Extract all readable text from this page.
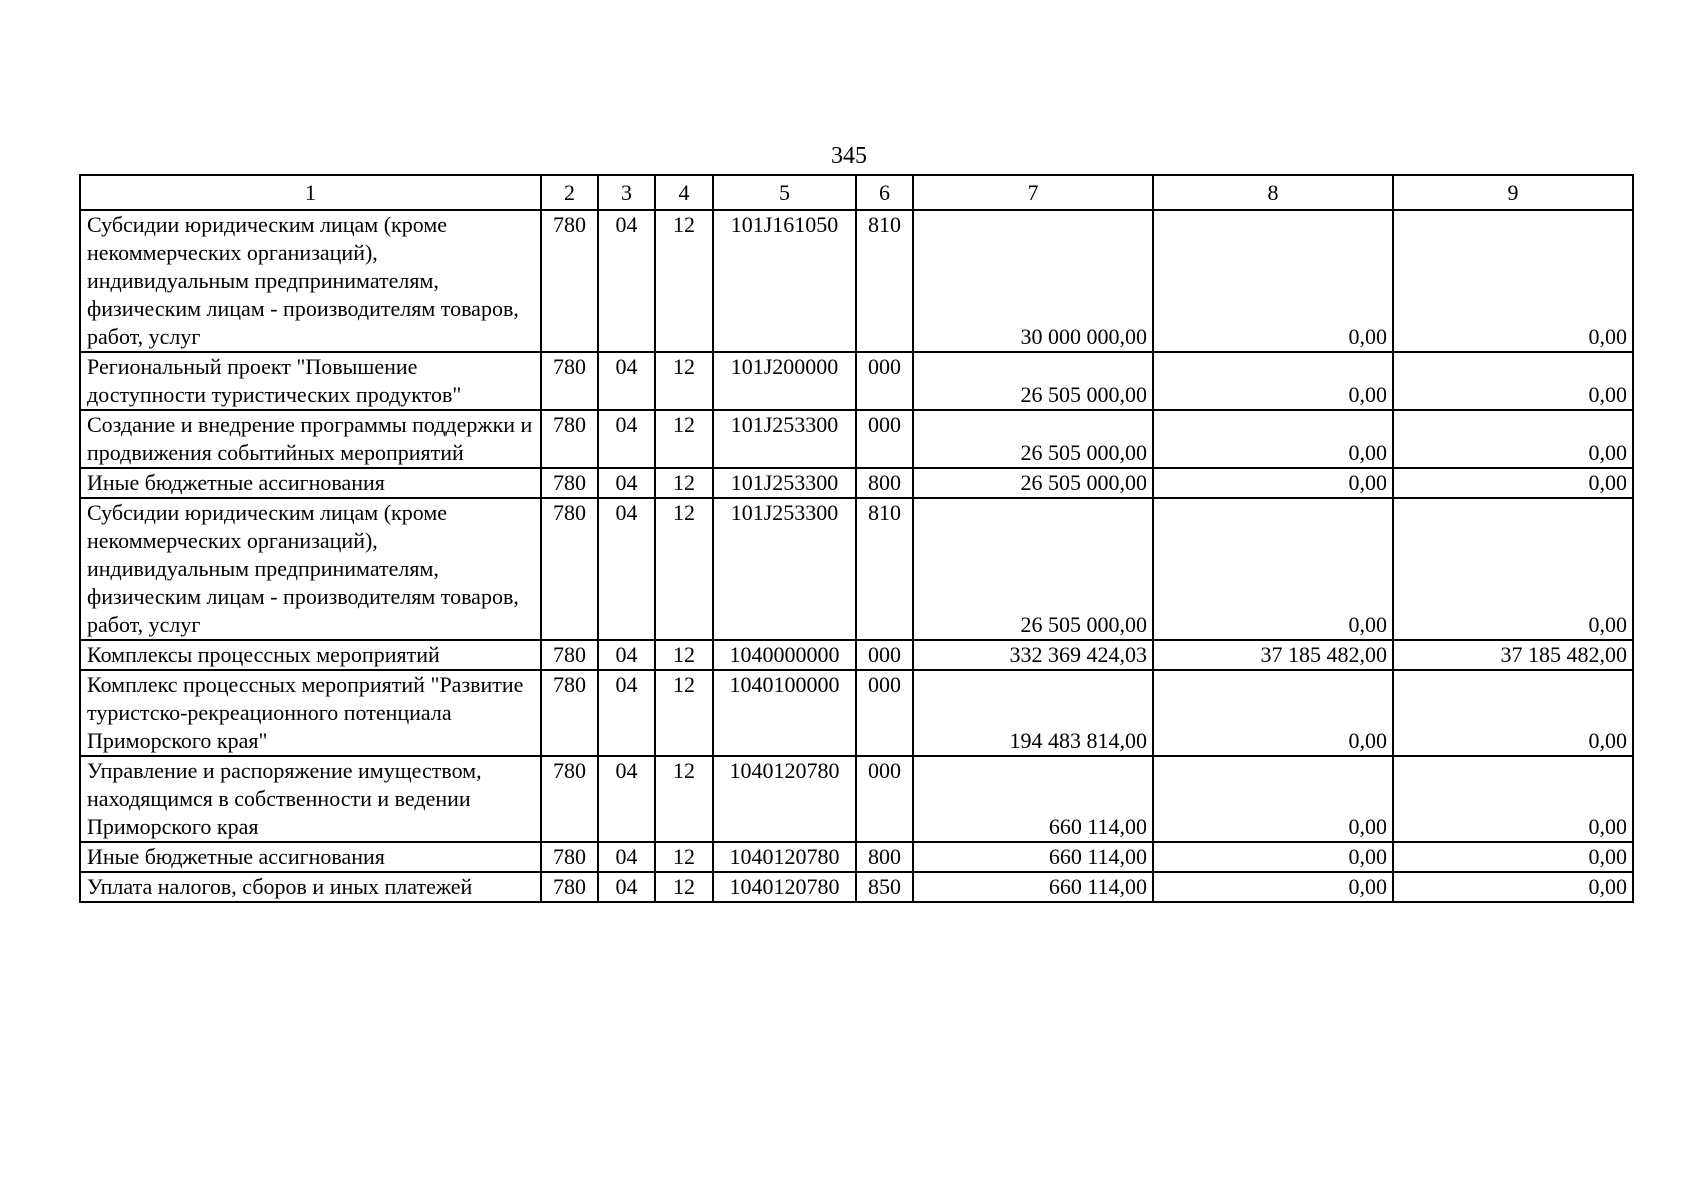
345
1	2	3	4	5	6	7	8	9
Субсидии юридическим лицам (кроме некоммерческих организаций), индивидуальным предпринимателям, физическим лицам - производителям товаров, работ, услуг	780	04	12	101J161050	810	30 000 000,00	0,00	0,00
Региональный проект "Повышение доступности туристических продуктов"	780	04	12	101J200000	000	26 505 000,00	0,00	0,00
Создание и внедрение программы поддержки и продвижения событийных мероприятий	780	04	12	101J253300	000	26 505 000,00	0,00	0,00
Иные бюджетные ассигнования	780	04	12	101J253300	800	26 505 000,00	0,00	0,00
Субсидии юридическим лицам (кроме некоммерческих организаций), индивидуальным предпринимателям, физическим лицам - производителям товаров, работ, услуг	780	04	12	101J253300	810	26 505 000,00	0,00	0,00
Комплексы процессных мероприятий	780	04	12	1040000000	000	332 369 424,03	37 185 482,00	37 185 482,00
Комплекс процессных мероприятий "Развитие туристско-рекреационного потенциала Приморского края"	780	04	12	1040100000	000	194 483 814,00	0,00	0,00
Управление и распоряжение имуществом, находящимся в собственности и ведении Приморского края	780	04	12	1040120780	000	660 114,00	0,00	0,00
Иные бюджетные ассигнования	780	04	12	1040120780	800	660 114,00	0,00	0,00
Уплата налогов, сборов и иных платежей	780	04	12	1040120780	850	660 114,00	0,00	0,00
